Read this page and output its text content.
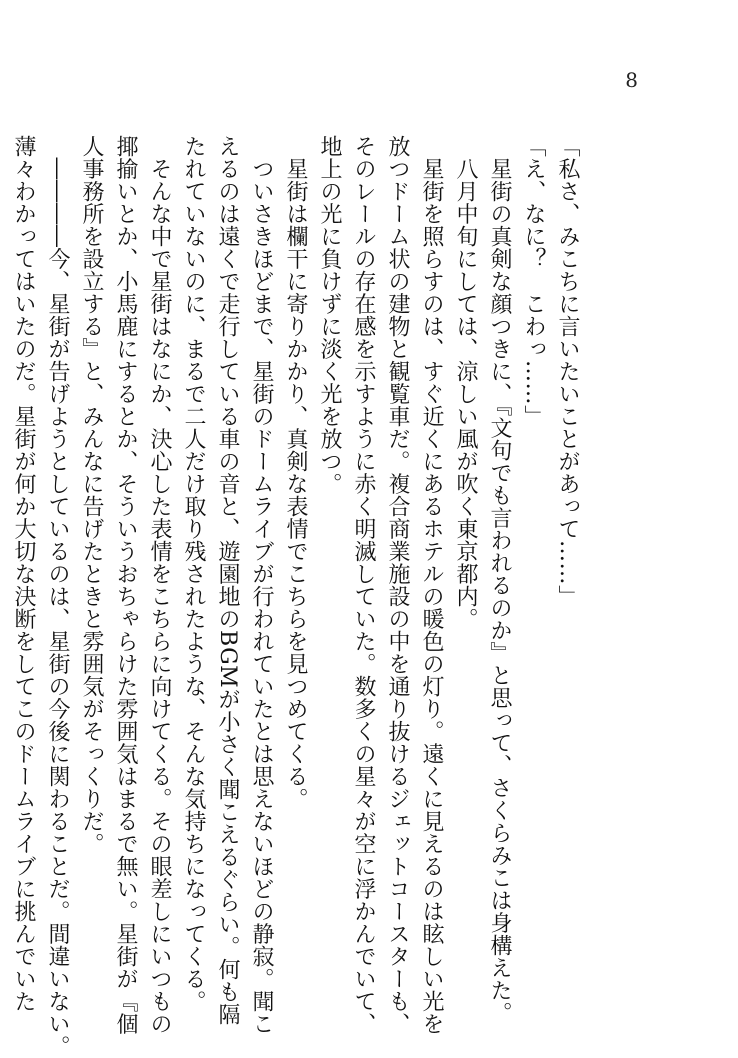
8

「私さ、みこちに言いたいことがあって……」

「え、なに？　こわっ……」

　星街の真剣な顔つきに、『文句でも言われるのか』と思って、さくらみこは身構えた。

　八月中旬にしては、涼しい風が吹く東京都内。

　星街を照らすのは、すぐ近くにあるホテルの暖色の灯り。遠くに見えるのは眩しい光を

放つドーム状の建物と観覧車だ。複合商業施設の中を通り抜けるジェットコースターも、

そのレールの存在感を示すように赤く明滅していた。数多くの星々が空に浮かんでいて、

地上の光に負けずに淡く光を放つ。

　星街は欄干に寄りかかり、真剣な表情でこちらを見つめてくる。

　ついさきほどまで、星街のドームライブが行われていたとは思えないほどの静寂。聞こ

えるのは遠くで走行している車の音と、遊園地のBGMが小さく聞こえるぐらい。何も隔

たれていないのに、まるで二人だけ取り残されたような、そんな気持ちになってくる。

　そんな中で星街はなにか、決心した表情をこちらに向けてくる。その眼差しにいつもの

揶揄いとか、小馬鹿にするとか、そういうおちゃらけた雰囲気はまるで無い。星街が『個

人事務所を設立する』と、みんなに告げたときと雰囲気がそっくりだ。

　――――今、星街が告げようとしているのは、星街の今後に関わることだ。間違いない。

薄々わかってはいたのだ。星街が何か大切な決断をしてこのドームライブに挑んでいた
